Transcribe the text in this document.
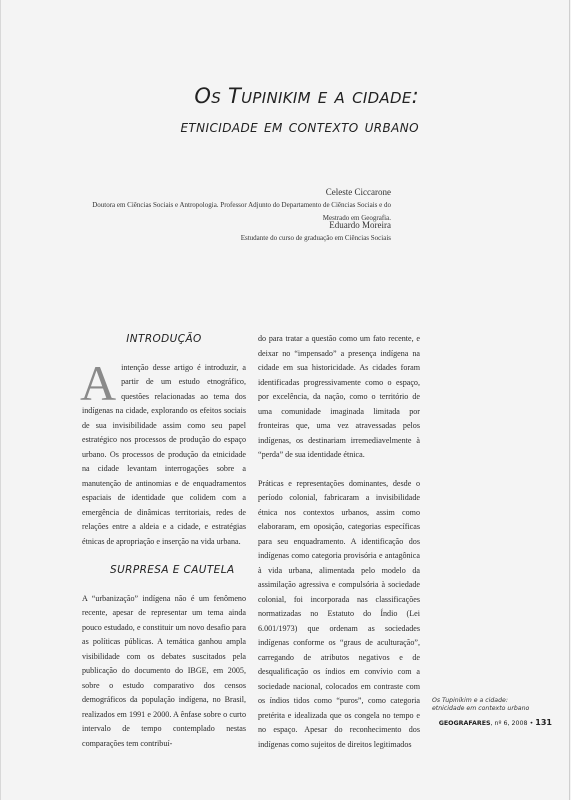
Os Tupinikim e a cidade:
etnicidade em contexto urbano
Celeste Ciccarone
Doutora em Ciências Sociais e Antropologia. Professor Adjunto do Departamento de Ciências Sociais e do
Mestrado em Geografia.
Eduardo Moreira
Estudante do curso de graduação em Ciências Sociais
INTRODUÇÃO

Aintenção desse artigo é introduzir, a partir de um estudo etnográfico, questões relacionadas ao tema dos indígenas na cidade, explorando os efeitos sociais de sua invisibilidade assim como seu papel estratégico nos processos de produção do espaço urbano. Os processos de produção da etnicidade na cidade levantam interrogações sobre a manutenção de antinomias e de enquadramentos espaciais de identidade que colidem com a emergência de dinâmicas territoriais, redes de relações entre a aldeia e a cidade, e estratégias étnicas de apropriação e inserção na vida urbana.

SURPRESA E CAUTELA

A “urbanização” indígena não é um fenômeno recente, apesar de representar um tema ainda pouco estudado, e constituir um novo desafio para as políticas públicas. A temática ganhou ampla visibilidade com os debates suscitados pela publicação do documento do IBGE, em 2005, sobre o estudo comparativo dos censos demográficos da população indígena, no Brasil, realizados em 1991 e 2000. A ênfase sobre o curto intervalo de tempo contemplado nestas comparações tem contribuí-

do para tratar a questão como um fato recente, e deixar no “impensado” a presença indígena na cidade em sua historicidade. As cidades foram identificadas progressivamente como o espaço, por excelência, da nação, como o território de uma comunidade imaginada limitada por fronteiras que, uma vez atravessadas pelos indígenas, os destinariam irremediavelmente à “perda” de sua identidade étnica.

Práticas e representações dominantes, desde o período colonial, fabricaram a invisibilidade étnica nos contextos urbanos, assim como elaboraram, em oposição, categorias específicas para seu enquadramento. A identificação dos indígenas como categoria provisória e antagônica à vida urbana, alimentada pelo modelo da assimilação agressiva e compulsória à sociedade colonial, foi incorporada nas classificações normatizadas no Estatuto do Índio (Lei 6.001/1973) que ordenam as sociedades indígenas conforme os “graus de aculturação”, carregando de atributos negativos e de desqualificação os índios em convívio com a sociedade nacional, colocados em contraste com os índios tidos como “puros”, como categoria pretérita e idealizada que os congela no tempo e no espaço. Apesar do reconhecimento dos indígenas como sujeitos de direitos legitimados

Os Tupinikim e a cidade:
etnicidade em contexto urbano
GEOGRAFARES, nº 6, 2008 • 131
